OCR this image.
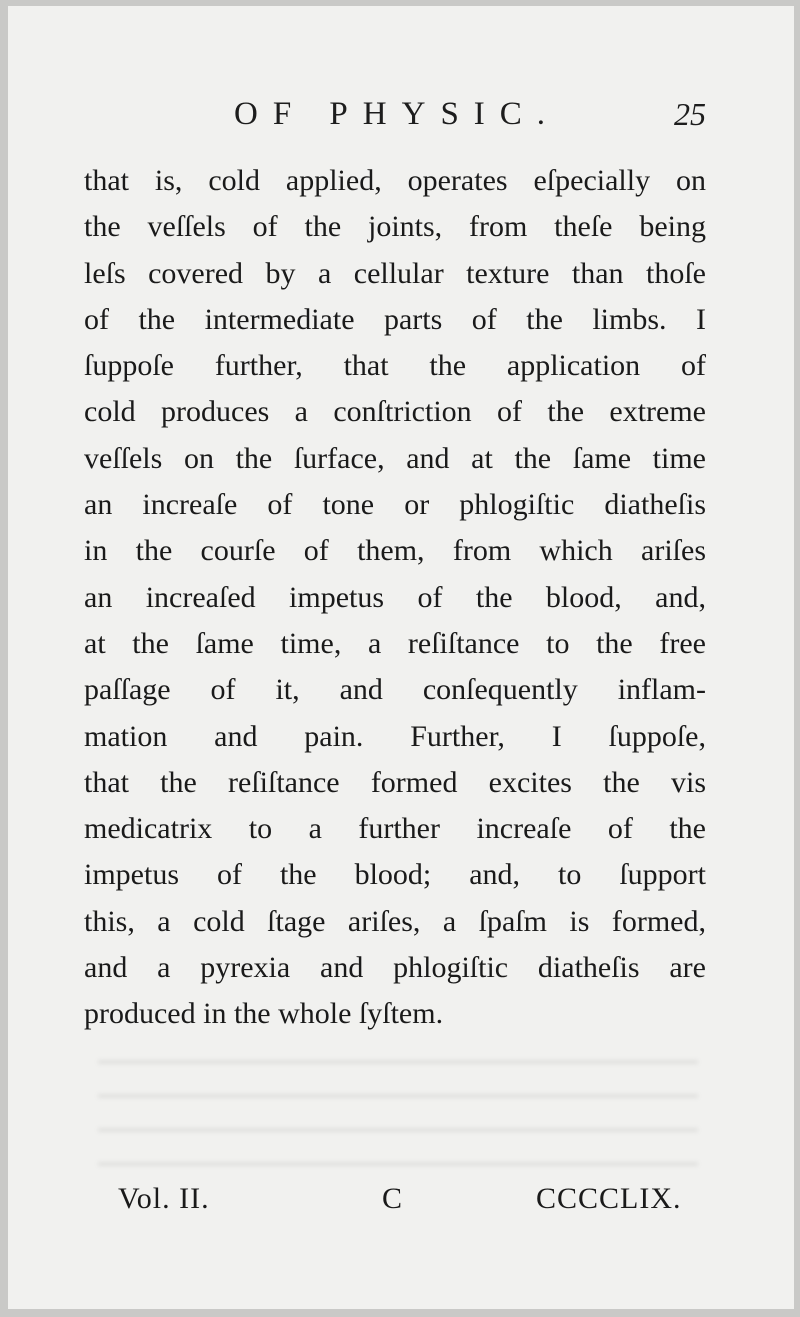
OF PHYSIC.	25
that is, cold applied, operates eſpecially on
the veſſels of the joints, from theſe being
leſs covered by a cellular texture than thoſe
of the intermediate parts of the limbs. I
ſuppoſe further, that the application of
cold produces a conſtriction of the extreme
veſſels on the ſurface, and at the ſame time
an increaſe of tone or phlogiſtic diatheſis
in the courſe of them, from which ariſes
an increaſed impetus of the blood, and,
at the ſame time, a reſiſtance to the free
paſſage of it, and conſequently inflam-
mation and pain. Further, I ſuppoſe,
that the reſiſtance formed excites the vis
medicatrix to a further increaſe of the
impetus of the blood; and, to ſupport
this, a cold ſtage ariſes, a ſpaſm is formed,
and a pyrexia and phlogiſtic diatheſis are
produced in the whole ſyſtem.
Vol. II.	C	CCCCLIX.
